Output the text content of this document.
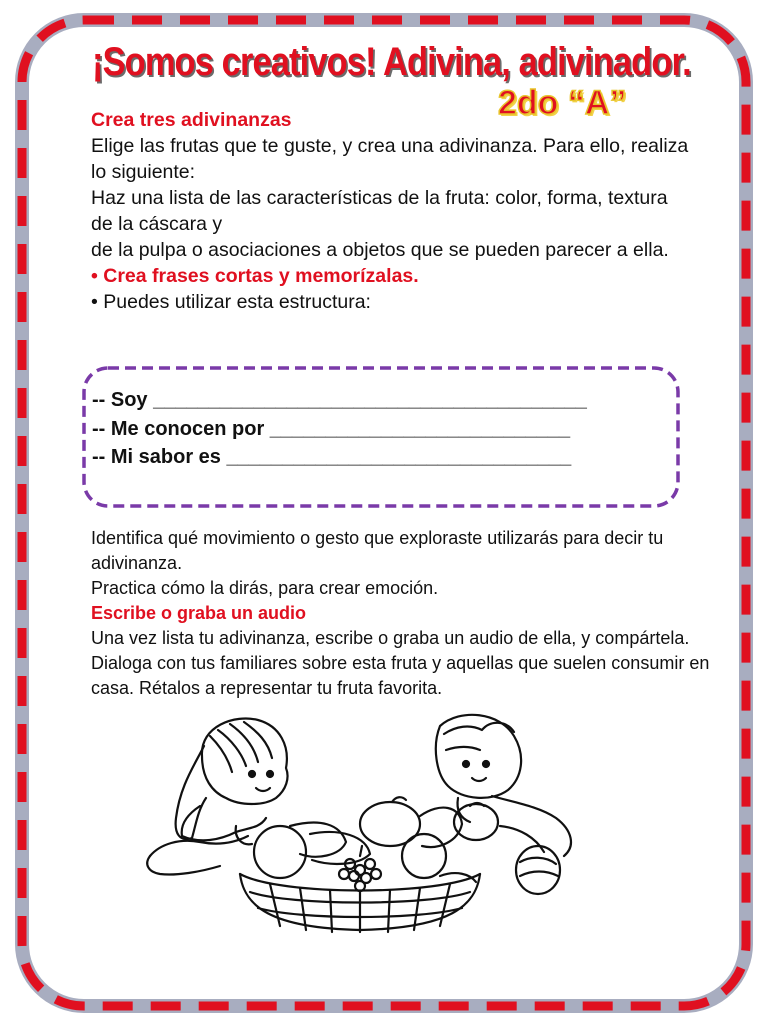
¡Somos creativos! Adivina, adivinador.
2do “A”

Crea tres adivinanzas

Elige las frutas que te guste, y crea una adivinanza. Para ello, realiza lo siguiente:

Haz una lista de las características de la fruta: color, forma, textura de la cáscara y

de la pulpa o asociaciones a objetos que se pueden parecer a ella.

• Crea frases cortas y memorízalas.

• Puedes utilizar esta estructura:

-- Soy _______________________________________
-- Me conocen por ___________________________
-- Mi sabor es _______________________________

Identifica qué movimiento o gesto que exploraste utilizarás para decir tu adivinanza.

Practica cómo la dirás, para crear emoción.

Escribe o graba un audio

Una vez lista tu adivinanza, escribe o graba un audio de ella, y compártela. Dialoga con tus familiares sobre esta fruta y aquellas que suelen consumir en casa. Rétalos a representar tu fruta favorita.
